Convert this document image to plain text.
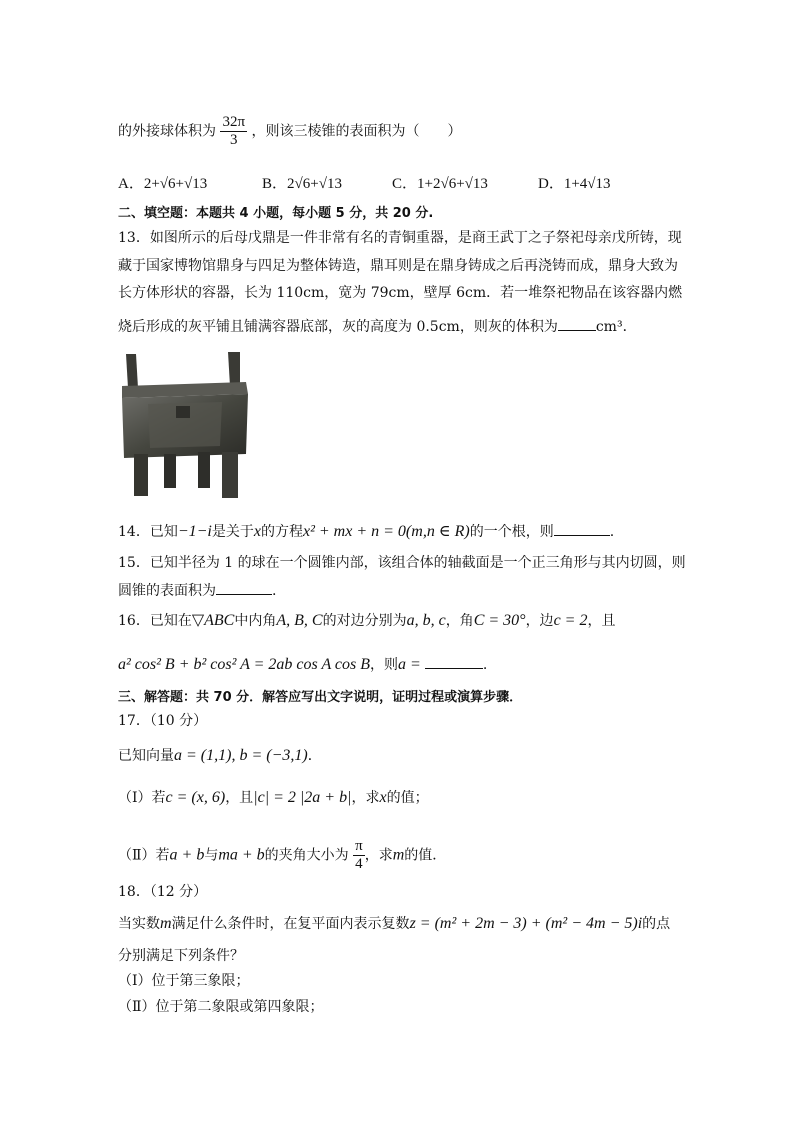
的外接球体积为 $\frac{32\pi}{3}$ ，则该三棱锥的表面积为（　　）
A．2+√6+√13	B．2√6+√13	C．1+2√6+√13	D．1+4√13
二、填空题：本题共 4 小题，每小题 5 分，共 20 分.
13．如图所示的后母戊鼎是一件非常有名的青铜重器，是商王武丁之子祭祀母亲戊所铸，现
藏于国家博物馆鼎身与四足为整体铸造，鼎耳则是在鼎身铸成之后再浇铸而成，鼎身大致为
长方体形状的容器，长为 110cm，宽为 79cm，壁厚 6cm．若一堆祭祀物品在该容器内燃
烧后形成的灰平铺且铺满容器底部，灰的高度为 0.5cm，则灰的体积为	cm³．
14．已知−1−i是关于x的方程x² + mx + n = 0(m,n ∈ R)的一个根，则	.
15．已知半径为 1 的球在一个圆锥内部，该组合体的轴截面是一个正三角形与其内切圆，则
圆锥的表面积为	.
16．已知在▽ABC中内角A, B, C的对边分别为a, b, c，角C = 30°，边c = 2，且
a² cos² B + b² cos² A = 2ab cos A cos B，则a =	.
三、解答题：共 70 分．解答应写出文字说明，证明过程或演算步骤．
17．（10 分）
已知向量a = (1,1), b = (−3,1)．
（Ⅰ）若c = (x, 6)，且|c| = 2 |2a + b|，求x的值；
（Ⅱ）若a + b与ma + b的夹角大小为 $\frac{\pi}{4}$ ，求m的值．
18．（12 分）
当实数m满足什么条件时，在复平面内表示复数z = (m² + 2m − 3) + (m² − 4m − 5)i的点
分别满足下列条件？
（Ⅰ）位于第三象限；
（Ⅱ）位于第二象限或第四象限；
